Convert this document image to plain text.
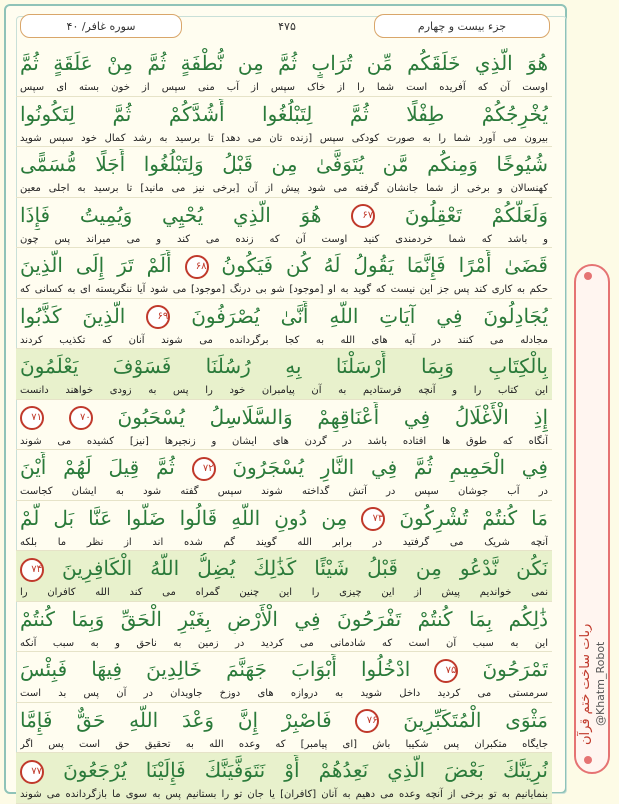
جزء بیست و چهارم
۴۷۵
سوره غافر/ ۴۰
هُوَ الَّذِي خَلَقَكُم مِّن تُرَابٍ ثُمَّ مِن نُّطْفَةٍ ثُمَّ مِنْ عَلَقَةٍ ثُمَّ
اوست آن که آفریده است شما را از خاک سپس از آب منی سپس از خون بسته ای سپس
يُخْرِجُكُمْ طِفْلًا ثُمَّ لِتَبْلُغُوا أَشُدَّكُمْ ثُمَّ لِتَكُونُوا
بیرون می آورد شما را به صورت کودکی سپس [زنده تان می دهد] تا برسید به رشد کمال خود سپس شوید
شُيُوخًا وَمِنكُم مَّن يُتَوَفَّىٰ مِن قَبْلُ وَلِتَبْلُغُوا أَجَلًا مُّسَمًّى
کهنسالان و برخی از شما جانشان گرفته می شود پیش از آن [برخی نیز می مانید] تا برسید به اجلی معین
وَلَعَلَّكُمْ تَعْقِلُونَ ۶۷ هُوَ الَّذِي يُحْيِي وَيُمِيتُ فَإِذَا
و باشد که شما خردمندی کنید اوست آن که زنده می کند و می میراند پس چون
قَضَىٰ أَمْرًا فَإِنَّمَا يَقُولُ لَهُ كُن فَيَكُونُ ۶۸ أَلَمْ تَرَ إِلَى الَّذِينَ
حکم به کاری کند پس جز این نیست که گوید به او [موجود] شو بی درنگ [موجود] می شود آیا ننگریسته ای به کسانی که
يُجَادِلُونَ فِي آيَاتِ اللَّهِ أَنَّىٰ يُصْرَفُونَ ۶۹ الَّذِينَ كَذَّبُوا
مجادله می کنند در آیه های الله به کجا برگردانده می شوند آنان که تکذیب کردند
بِالْكِتَابِ وَبِمَا أَرْسَلْنَا بِهِ رُسُلَنَا فَسَوْفَ يَعْلَمُونَ
این کتاب را و آنچه فرستادیم به آن پیامبران خود را پس به زودی خواهند دانست
إِذِ الْأَغْلَالُ فِي أَعْنَاقِهِمْ وَالسَّلَاسِلُ يُسْحَبُونَ ۷۰ ۷۱
آنگاه که طوق ها افتاده باشد در گردن های ایشان و زنجیرها [نیز] کشیده می شوند
فِي الْحَمِيمِ ثُمَّ فِي النَّارِ يُسْجَرُونَ ۷۲ ثُمَّ قِيلَ لَهُمْ أَيْنَ
در آب جوشان سپس در آتش گداخته شوند سپس گفته شود به ایشان کجاست
مَا كُنتُمْ تُشْرِكُونَ ۷۳ مِن دُونِ اللَّهِ قَالُوا ضَلُّوا عَنَّا بَل لَّمْ
آنچه شریک می گرفتید در برابر الله گویند گم شده اند از نظر ما بلکه
نَكُن نَّدْعُو مِن قَبْلُ شَيْئًا كَذَٰلِكَ يُضِلُّ اللَّهُ الْكَافِرِينَ ۷۴
نمی خواندیم پیش از این چیزی را این چنین گمراه می کند الله کافران را
ذَٰلِكُم بِمَا كُنتُمْ تَفْرَحُونَ فِي الْأَرْضِ بِغَيْرِ الْحَقِّ وَبِمَا كُنتُمْ
این به سبب آن است که شادمانی می کردید در زمین به ناحق و به سبب آنکه
تَمْرَحُونَ ۷۵ ادْخُلُوا أَبْوَابَ جَهَنَّمَ خَالِدِينَ فِيهَا فَبِئْسَ
سرمستی می کردید داخل شوید به دروازه های دوزخ جاویدان در آن پس بد است
مَثْوَى الْمُتَكَبِّرِينَ ۷۶ فَاصْبِرْ إِنَّ وَعْدَ اللَّهِ حَقٌّ فَإِمَّا
جایگاه متکبران پس شکیبا باش [ای پیامبر] که وعده الله به تحقیق حق است پس اگر
نُرِيَنَّكَ بَعْضَ الَّذِي نَعِدُهُمْ أَوْ نَتَوَفَّيَنَّكَ فَإِلَيْنَا يُرْجَعُونَ ۷۷
بنمایانیم به تو برخی از آنچه وعده می دهیم به آنان [کافران] یا جان تو را بستانیم پس به سوی ما بازگردانده می شوند
ربات ساخت ختم قرآن @Khatm_Robot
